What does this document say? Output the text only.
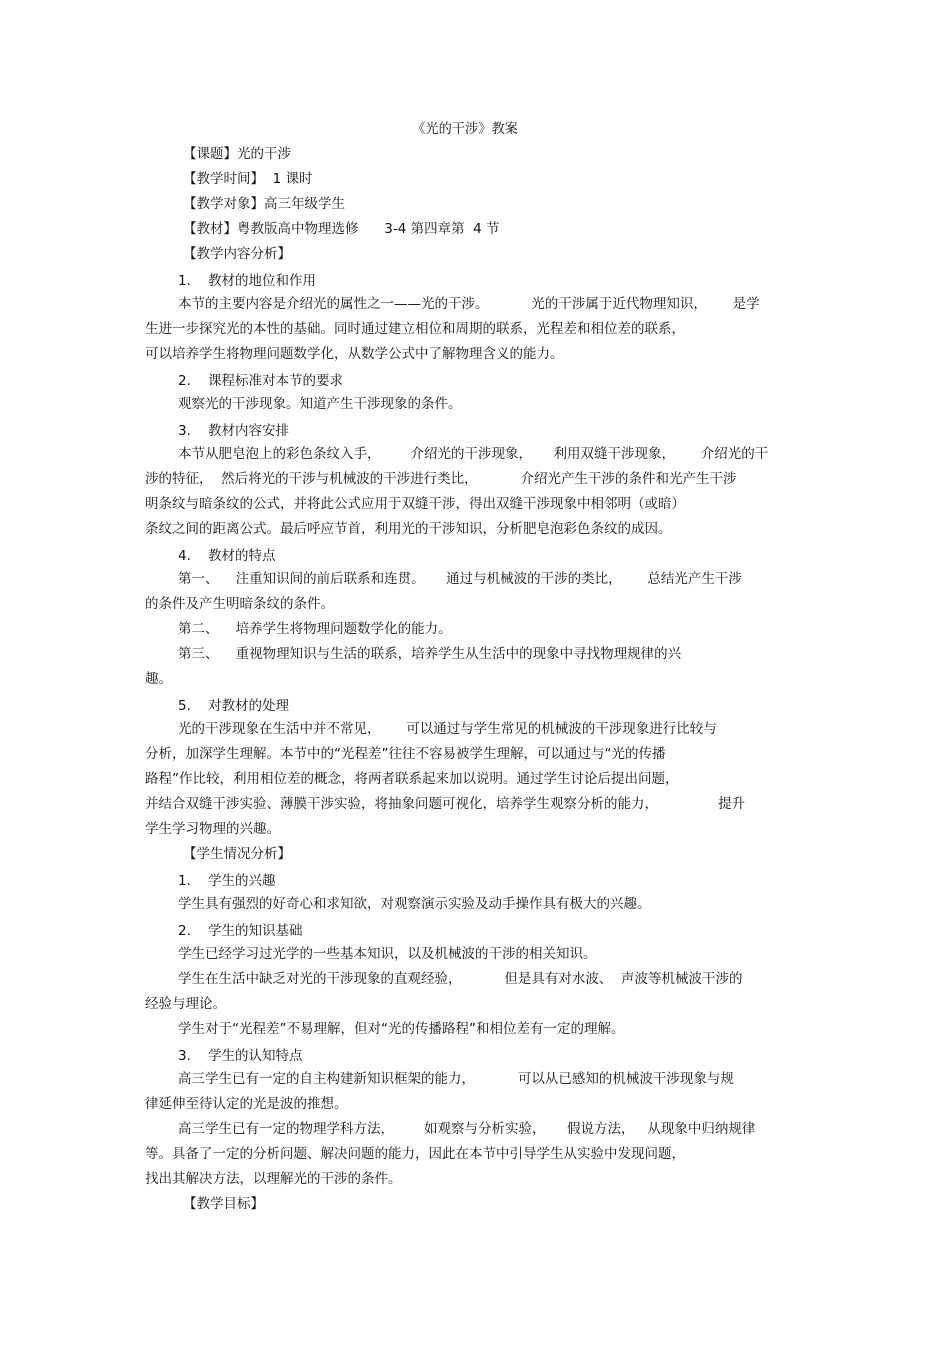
《光的干涉》教案
【课题】光的干涉
【教学时间】  1 课时
【教学对象】高三年级学生
【教材】粤教版高中物理选修      3-4 第四章第  4 节
【教学内容分析】
1.    教材的地位和作用
本节的主要内容是介绍光的属性之一——光的干涉。          光的干涉属于近代物理知识，      是学
生进一步探究光的本性的基础。同时通过建立相位和周期的联系，光程差和相位差的联系，
可以培养学生将物理问题数学化，从数学公式中了解物理含义的能力。
2.    课程标准对本节的要求
观察光的干涉现象。知道产生干涉现象的条件。
3.    教材内容安排
本节从肥皂泡上的彩色条纹入手，       介绍光的干涉现象，     利用双缝干涉现象，      介绍光的干
涉的特征，  然后将光的干涉与机械波的干涉进行类比，          介绍光产生干涉的条件和光产生干涉
明条纹与暗条纹的公式，并将此公式应用于双缝干涉，得出双缝干涉现象中相邻明（或暗）
条纹之间的距离公式。最后呼应节首，利用光的干涉知识，分析肥皂泡彩色条纹的成因。
4.    教材的特点
第一、    注重知识间的前后联系和连贯。     通过与机械波的干涉的类比，      总结光产生干涉
的条件及产生明暗条纹的条件。
第二、    培养学生将物理问题数学化的能力。
第三、    重视物理知识与生活的联系，培养学生从生活中的现象中寻找物理规律的兴
趣。
5.    对教材的处理
光的干涉现象在生活中并不常见，      可以通过与学生常见的机械波的干涉现象进行比较与
分析，加深学生理解。本节中的“光程差”往往不容易被学生理解，可以通过与“光的传播
路程”作比较，利用相位差的概念，将两者联系起来加以说明。通过学生讨论后提出问题，
并结合双缝干涉实验、薄膜干涉实验，将抽象问题可视化，培养学生观察分析的能力，              提升
学生学习物理的兴趣。
【学生情况分析】
1.    学生的兴趣
学生具有强烈的好奇心和求知欲，对观察演示实验及动手操作具有极大的兴趣。
2.    学生的知识基础
学生已经学习过光学的一些基本知识，以及机械波的干涉的相关知识。
学生在生活中缺乏对光的干涉现象的直观经验，          但是具有对水波、  声波等机械波干涉的
经验与理论。
学生对于“光程差”不易理解，但对“光的传播路程”和相位差有一定的理解。
3.    学生的认知特点
高三学生已有一定的自主构建新知识框架的能力，          可以从已感知的机械波干涉现象与规
律延伸至待认定的光是波的推想。
高三学生已有一定的物理学科方法，       如观察与分析实验，     假说方法，   从现象中归纳规律
等。具备了一定的分析问题、解决问题的能力，因此在本节中引导学生从实验中发现问题，
找出其解决方法，以理解光的干涉的条件。
【教学目标】
